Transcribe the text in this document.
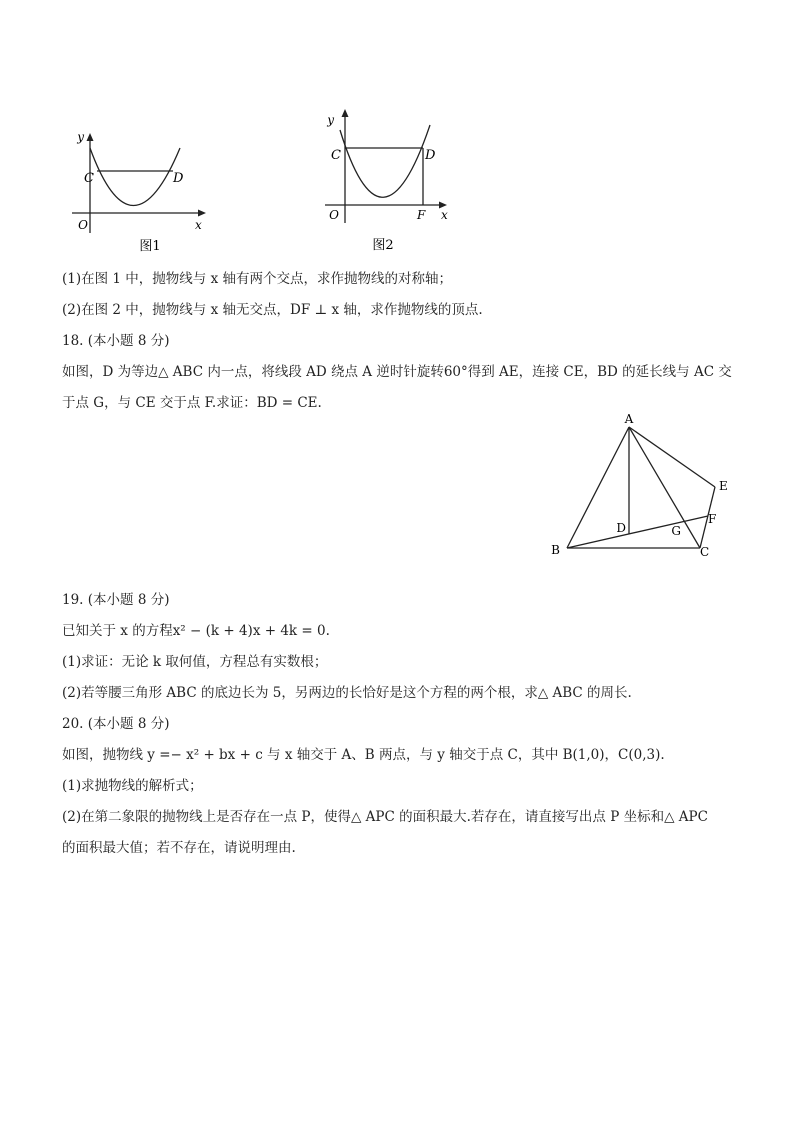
y
C	D
O	x
图1
y
C	D
O	F x
图2
(1)在图 1 中，抛物线与 x 轴有两个交点，求作抛物线的对称轴；
(2)在图 2 中，抛物线与 x 轴无交点，DF ⊥ x 轴，求作抛物线的顶点.
18. (本小题 8 分)
如图，D 为等边△ ABC 内一点，将线段 AD 绕点 A 逆时针旋转60°得到 AE，连接 CE，BD 的延长线与 AC 交
于点 G，与 CE 交于点 F.求证：BD = CE.
A
B	C
D
E
F
G
19. (本小题 8 分)
已知关于 x 的方程x² − (k + 4)x + 4k = 0.
(1)求证：无论 k 取何值，方程总有实数根；
(2)若等腰三角形 ABC 的底边长为 5，另两边的长恰好是这个方程的两个根，求△ ABC 的周长.
20. (本小题 8 分)
如图，抛物线 y =− x² + bx + c 与 x 轴交于 A、B 两点，与 y 轴交于点 C，其中 B(1,0)，C(0,3).
(1)求抛物线的解析式；
(2)在第二象限的抛物线上是否存在一点 P，使得△ APC 的面积最大.若存在，请直接写出点 P 坐标和△ APC
的面积最大值；若不存在，请说明理由.
